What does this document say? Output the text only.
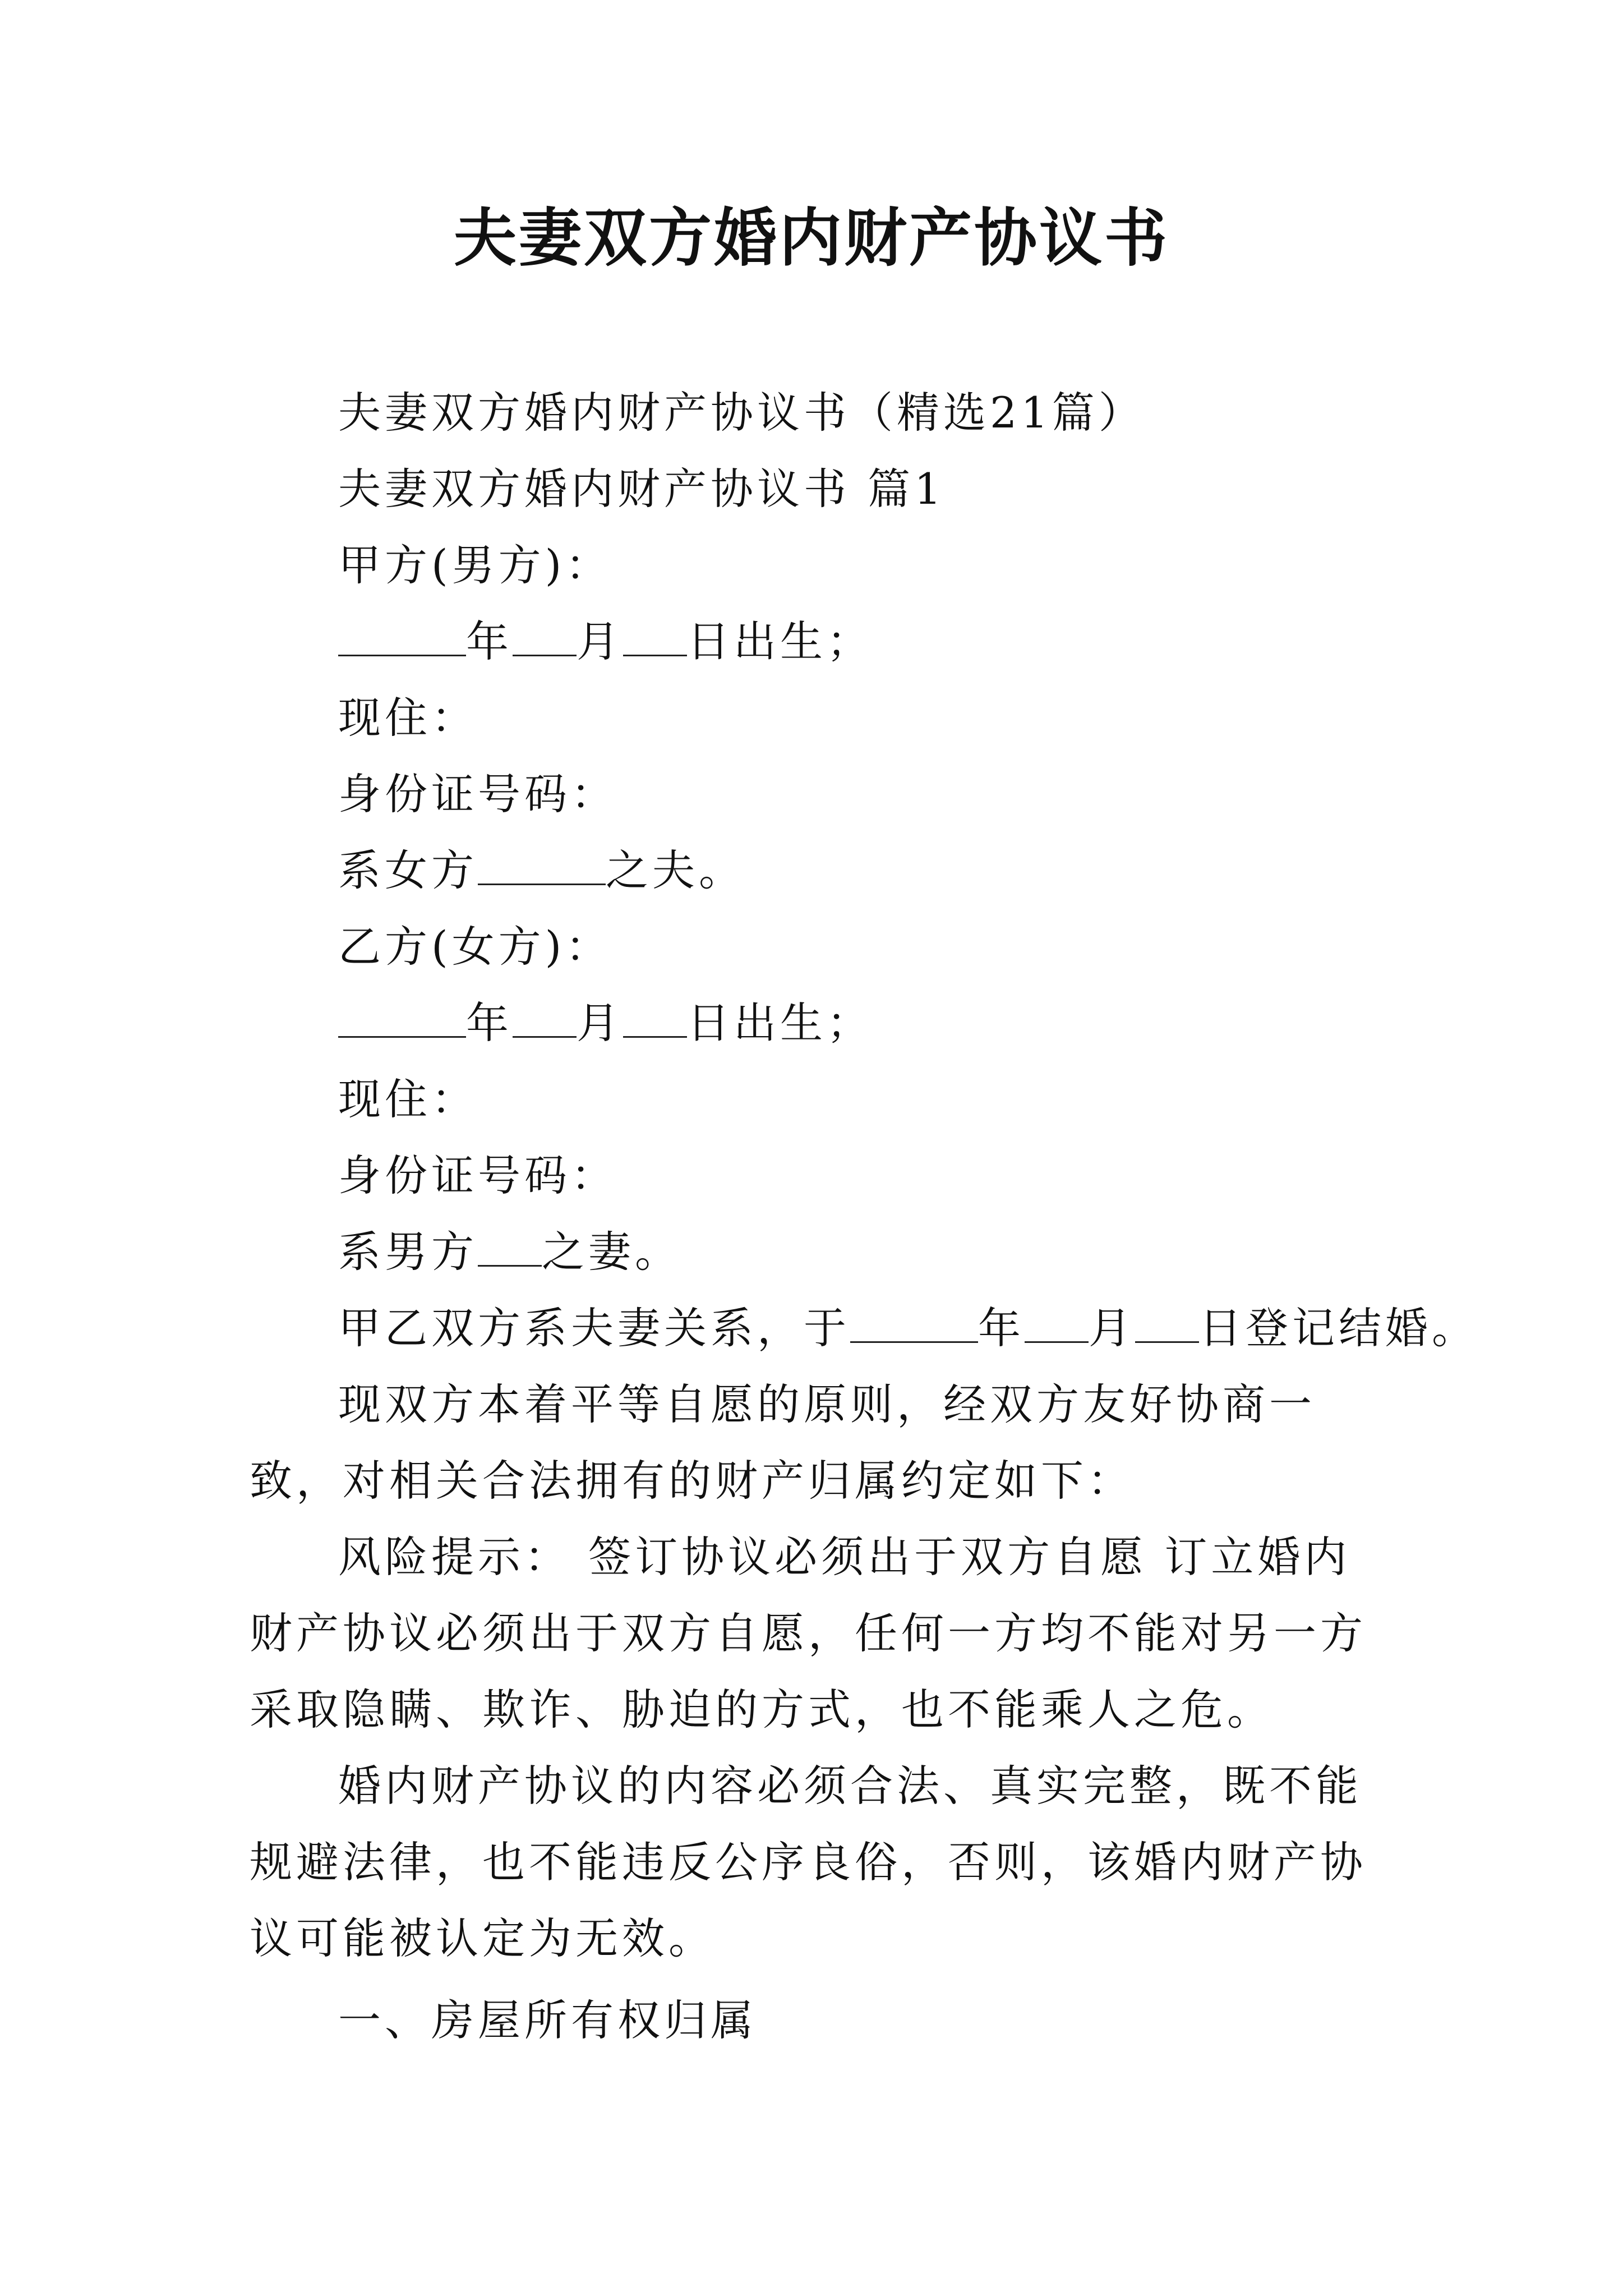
夫妻双方婚内财产协议书

夫妻双方婚内财产协议书（精选21篇）

夫妻双方婚内财产协议书 篇1

甲方(男方)：

年 月 日出生；

现住：

身份证号码：

系女方	之夫。

乙方(女方)：

年 月 日出生；

现住：

身份证号码：

系男方 之妻。

甲乙双方系夫妻关系，于	年 月 日登记结婚。

现双方本着平等自愿的原则，经双方友好协商一致，对相关合法拥有的财产归属约定如下：

风险提示： 签订协议必须出于双方自愿 订立婚内财产协议必须出于双方自愿，任何一方均不能对另一方采取隐瞒、欺诈、胁迫的方式，也不能乘人之危。

婚内财产协议的内容必须合法、真实完整，既不能规避法律，也不能违反公序良俗，否则，该婚内财产协议可能被认定为无效。

一、房屋所有权归属
